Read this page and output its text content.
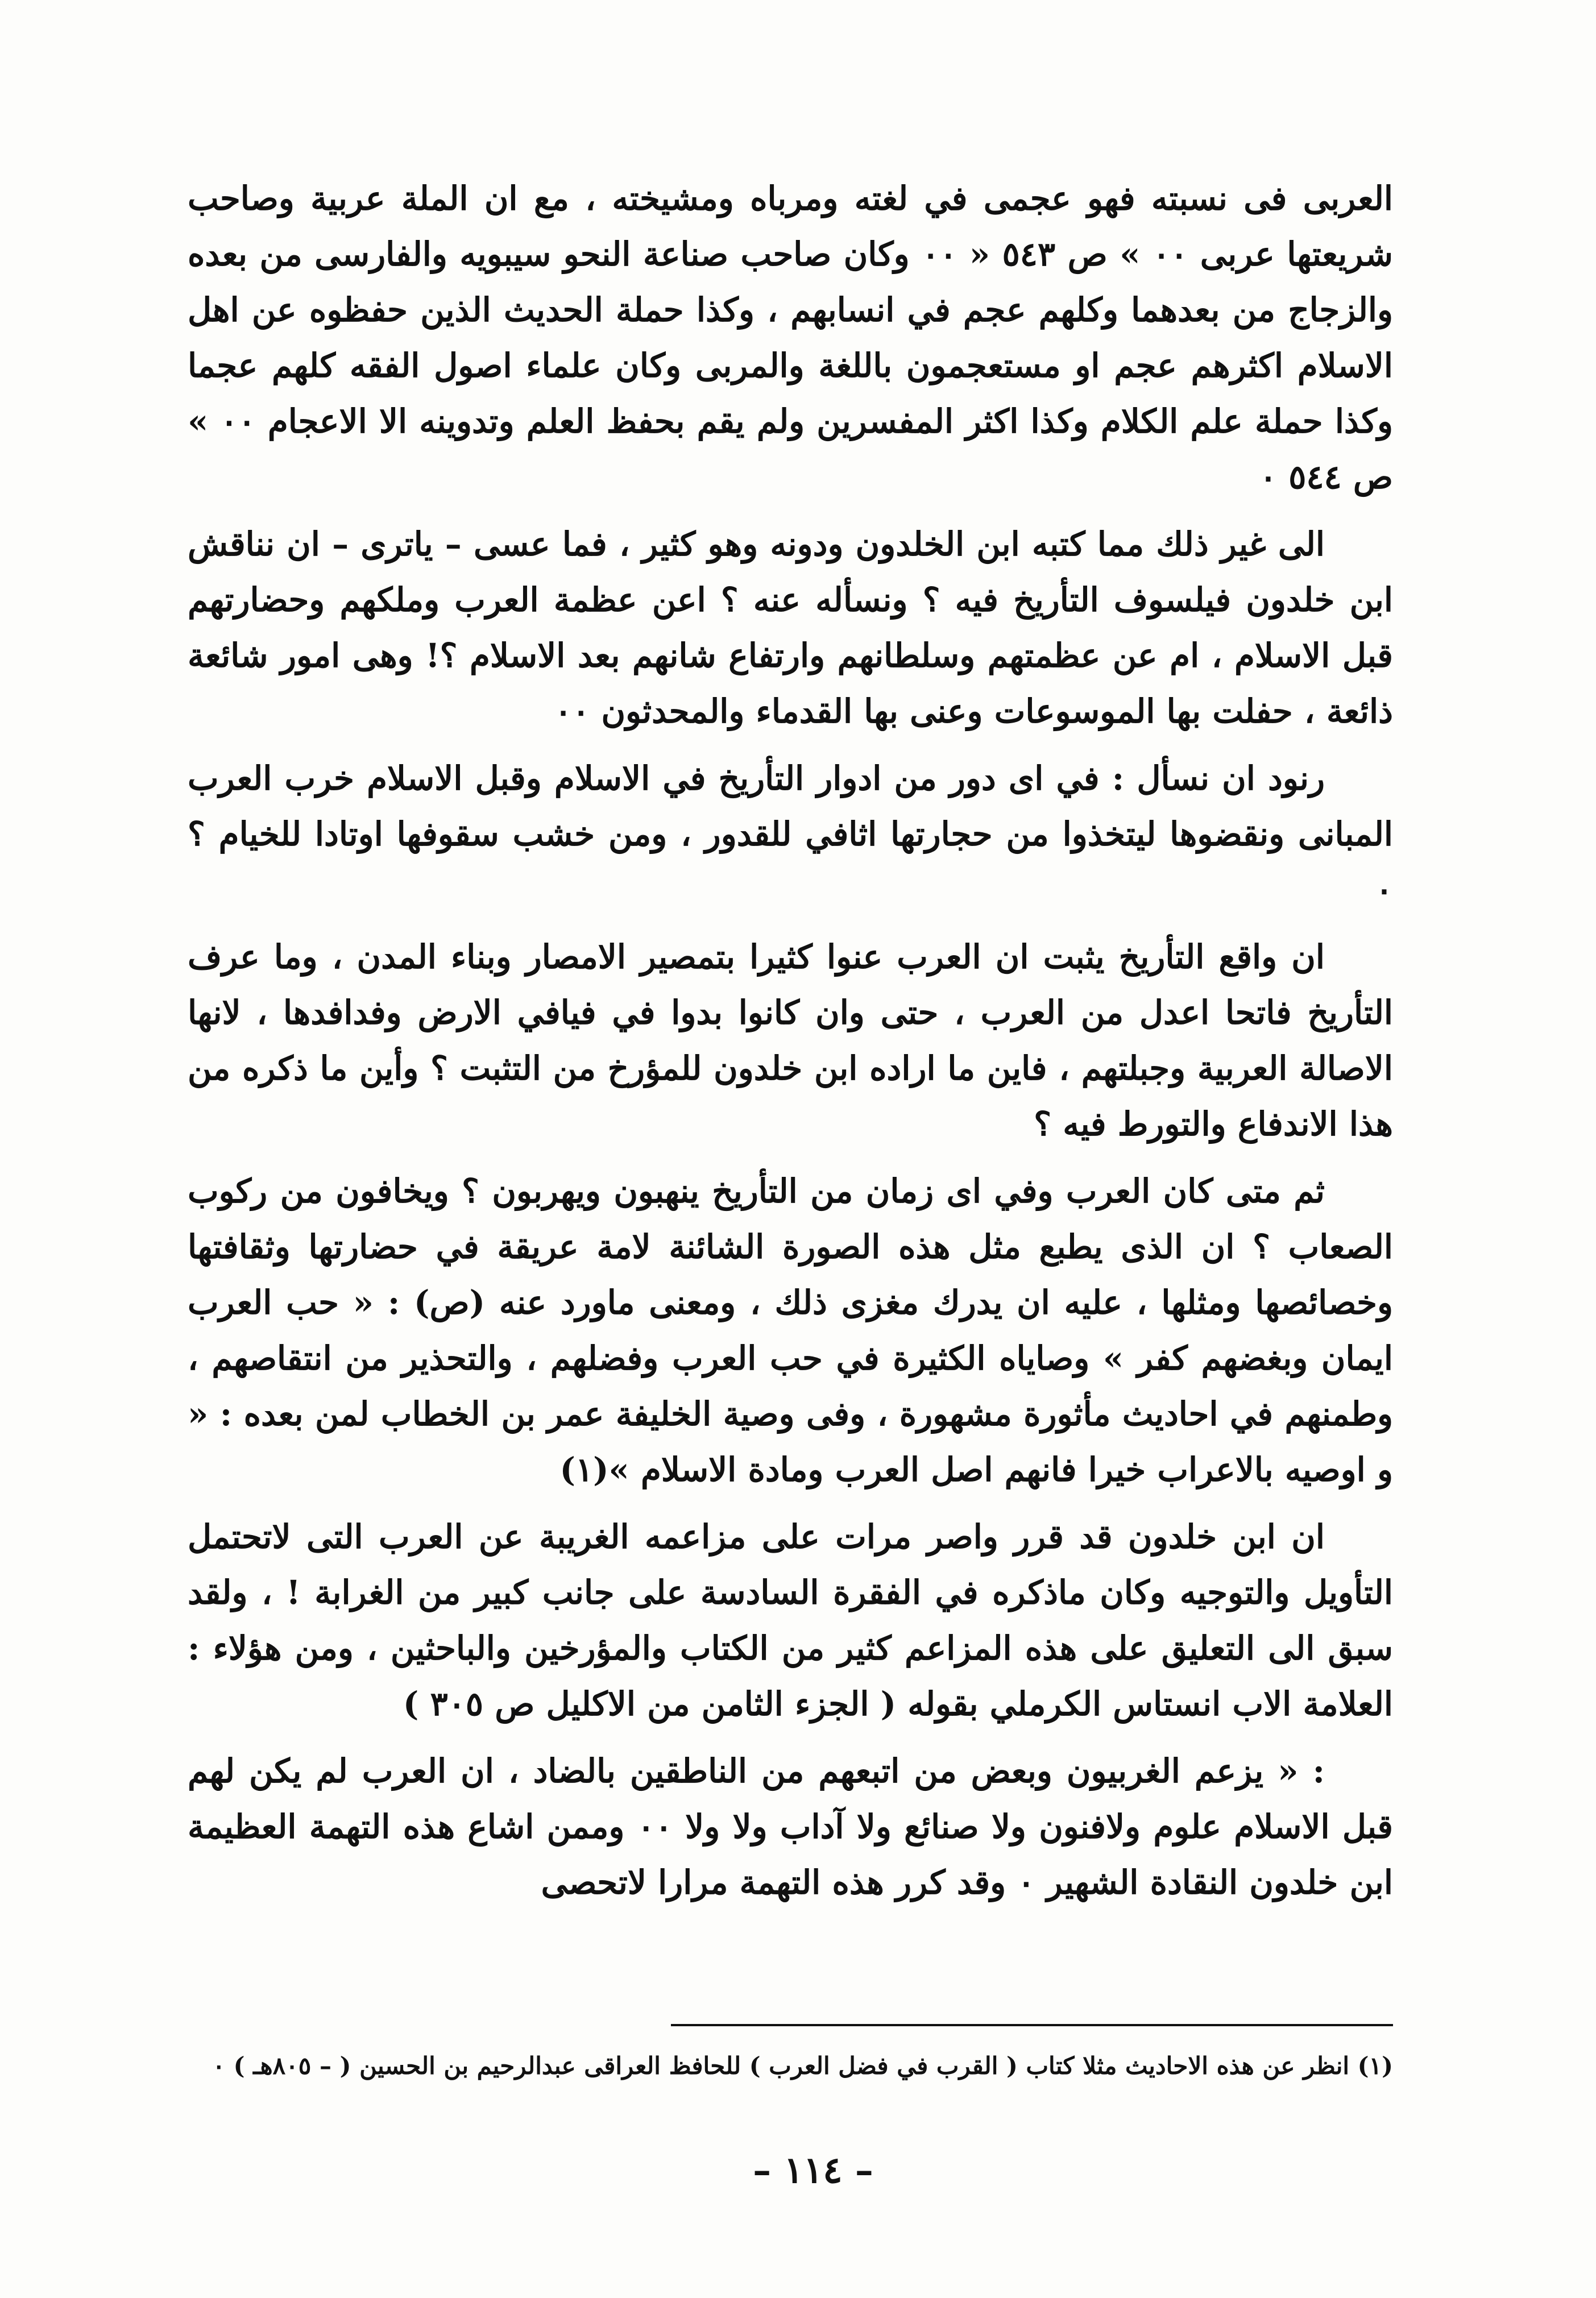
العربى فى نسبته فهو عجمى في لغته ومرباه ومشيخته ، مع ان الملة عربية وصاحب شريعتها عربى ٠٠ » ص ٥٤٣ « ٠٠ وكان صاحب صناعة النحو سيبويه والفارسى من بعده والزجاج من بعدهما وكلهم عجم في انسابهم ، وكذا حملة الحديث الذين حفظوه عن اهل الاسلام اكثرهم عجم او مستعجمون باللغة والمربى وكان علماء اصول الفقه كلهم عجما وكذا حملة علم الكلام وكذا اكثر المفسرين ولم يقم بحفظ العلم وتدوينه الا الاعجام ٠٠ » ص ٥٤٤ ٠

الى غير ذلك مما كتبه ابن الخلدون ودونه وهو كثير ، فما عسى – ياترى – ان نناقش ابن خلدون فيلسوف التأريخ فيه ؟ ونسأله عنه ؟ اعن عظمة العرب وملكهم وحضارتهم قبل الاسلام ، ام عن عظمتهم وسلطانهم وارتفاع شانهم بعد الاسلام ؟! وهى امور شائعة ذائعة ، حفلت بها الموسوعات وعنى بها القدماء والمحدثون ٠٠

رنود ان نسأل : في اى دور من ادوار التأريخ في الاسلام وقبل الاسلام خرب العرب المبانى ونقضوها ليتخذوا من حجارتها اثافي للقدور ، ومن خشب سقوفها اوتادا للخيام ؟ ٠

ان واقع التأريخ يثبت ان العرب عنوا كثيرا بتمصير الامصار وبناء المدن ، وما عرف التأريخ فاتحا اعدل من العرب ، حتى وان كانوا بدوا في فيافي الارض وفدافدها ، لانها الاصالة العربية وجبلتهم ، فاين ما اراده ابن خلدون للمؤرخ من التثبت ؟ وأين ما ذكره من هذا الاندفاع والتورط فيه ؟

ثم متى كان العرب وفي اى زمان من التأريخ ينهبون ويهربون ؟ ويخافون من ركوب الصعاب ؟ ان الذى يطبع مثل هذه الصورة الشائنة لامة عريقة في حضارتها وثقافتها وخصائصها ومثلها ، عليه ان يدرك مغزى ذلك ، ومعنى ماورد عنه (ص) : « حب العرب ايمان وبغضهم كفر » وصاياه الكثيرة في حب العرب وفضلهم ، والتحذير من انتقاصهم ، وطمنهم في احاديث مأثورة مشهورة ، وفى وصية الخليفة عمر بن الخطاب لمن بعده : « و اوصيه بالاعراب خيرا فانهم اصل العرب ومادة الاسلام »(١)

ان ابن خلدون قد قرر واصر مرات على مزاعمه الغريبة عن العرب التى لاتحتمل التأويل والتوجيه وكان ماذكره في الفقرة السادسة على جانب كبير من الغرابة ! ، ولقد سبق الى التعليق على هذه المزاعم كثير من الكتاب والمؤرخين والباحثين ، ومن هؤلاء : العلامة الاب انستاس الكرملي بقوله ( الجزء الثامن من الاكليل ص ٣٠٥ )

: « يزعم الغربيون وبعض من اتبعهم من الناطقين بالضاد ، ان العرب لم يكن لهم قبل الاسلام علوم ولافنون ولا صنائع ولا آداب ولا ولا ٠٠ وممن اشاع هذه التهمة العظيمة ابن خلدون النقادة الشهير ٠ وقد كرر هذه التهمة مرارا لاتحصى

(١) انظر عن هذه الاحاديث مثلا كتاب ( القرب في فضل العرب ) للحافظ العراقى عبدالرحيم بن الحسين ( – ٨٠٥هـ ) ٠
– ١١٤ –
